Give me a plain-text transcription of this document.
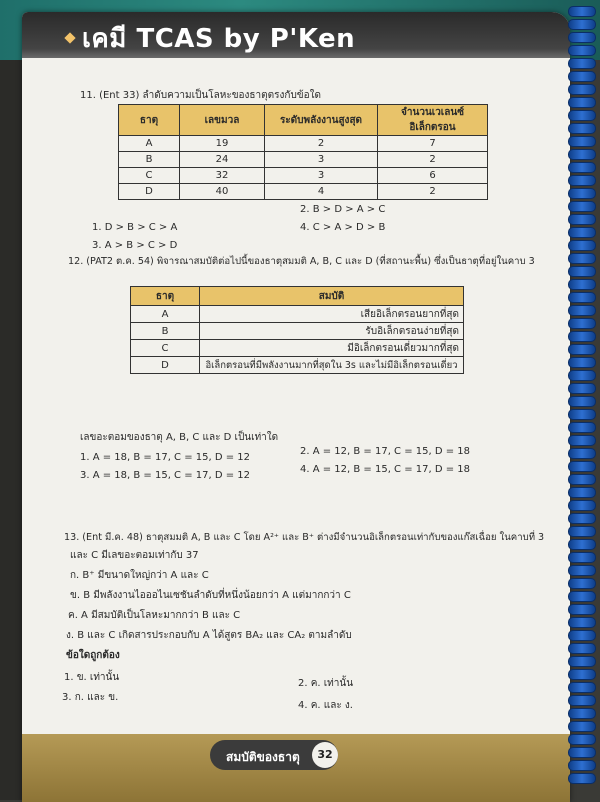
เคมี TCAS by P'Ken
11. (Ent 33) ลำดับความเป็นโลหะของธาตุตรงกับข้อใด
ธาตุ	เลขมวล	ระดับพลังงานสูงสุด	จำนวนเวเลนซ์อิเล็กตรอน
A	19	2	7
B	24	3	2
C	32	3	6
D	40	4	2
2. B > D > A > C
1. D > B > C > A	4. C > A > D > B
3. A > B > C > D
12. (PAT2 ต.ค. 54) พิจารณาสมบัติต่อไปนี้ของธาตุสมมติ A, B, C และ D (ที่สถานะพื้น) ซึ่งเป็นธาตุที่อยู่ในคาบ 3
ธาตุ	สมบัติ
A	เสียอิเล็กตรอนยากที่สุด
B	รับอิเล็กตรอนง่ายที่สุด
C	มีอิเล็กตรอนเดี่ยวมากที่สุด
D	อิเล็กตรอนที่มีพลังงานมากที่สุดใน 3s และไม่มีอิเล็กตรอนเดี่ยว
เลขอะตอมของธาตุ A, B, C และ D เป็นเท่าใด
1. A = 18, B = 17, C = 15, D = 12
2. A = 12, B = 17, C = 15, D = 18
3. A = 18, B = 15, C = 17, D = 12
4. A = 12, B = 15, C = 17, D = 18
13. (Ent มี.ค. 48) ธาตุสมมติ A, B และ C โดย A²⁺ และ B⁺ ต่างมีจำนวนอิเล็กตรอนเท่ากับของแก๊สเฉื่อย ในคาบที่ 3
และ C มีเลขอะตอมเท่ากับ 37
ก. B⁺ มีขนาดใหญ่กว่า A และ C
ข. B มีพลังงานไอออไนเซชันลำดับที่หนึ่งน้อยกว่า A แต่มากกว่า C
ค. A มีสมบัติเป็นโลหะมากกว่า B และ C
ง. B และ C เกิดสารประกอบกับ A ได้สูตร BA₂ และ CA₂ ตามลำดับ
ข้อใดถูกต้อง
1. ข. เท่านั้น
2. ค. เท่านั้น
3. ก. และ ข.
4. ค. และ ง.
สมบัติของธาตุ	32
